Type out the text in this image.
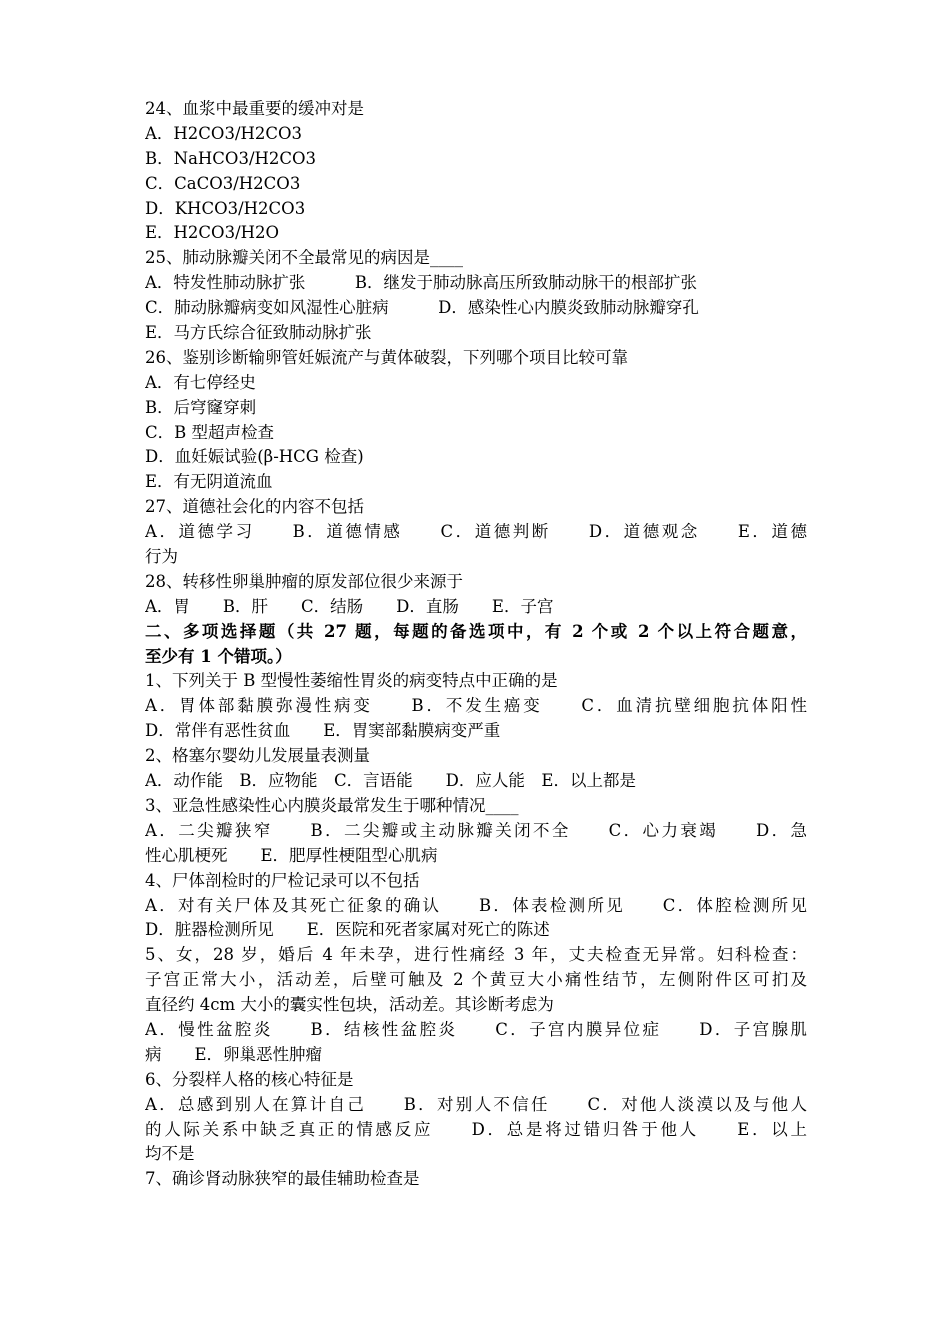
24、血浆中最重要的缓冲对是
A．H2CO3/H2CO3
B．NaHCO3/H2CO3
C．CaCO3/H2CO3
D．KHCO3/H2CO3
E．H2CO3/H2O
25、肺动脉瓣关闭不全最常见的病因是____
A．特发性肺动脉扩张　　　B．继发于肺动脉高压所致肺动脉干的根部扩张
C．肺动脉瓣病变如风湿性心脏病　　　D．感染性心内膜炎致肺动脉瓣穿孔
E．马方氏综合征致肺动脉扩张
26、鉴别诊断输卵管妊娠流产与黄体破裂，下列哪个项目比较可靠
A．有七停经史
B．后穹窿穿刺
C．B 型超声检查
D．血妊娠试验(β-HCG 检查)
E．有无阴道流血
27、道德社会化的内容不包括
A．道德学习　　B．道德情感　　C．道德判断　　D．道德观念　　E．道德
行为
28、转移性卵巢肿瘤的原发部位很少来源于
A．胃　　B．肝　　C．结肠　　D．直肠　　E．子宫
二、多项选择题（共 27 题，每题的备选项中，有 2 个或 2 个以上符合题意，
至少有 1 个错项。）
1、下列关于 B 型慢性萎缩性胃炎的病变特点中正确的是
A．胃体部黏膜弥漫性病变　　B．不发生癌变　　C．血清抗壁细胞抗体阳性
D．常伴有恶性贫血　　E．胃窦部黏膜病变严重
2、格塞尔婴幼儿发展量表测量
A．动作能　B．应物能　C．言语能　　D．应人能　E．以上都是
3、亚急性感染性心内膜炎最常发生于哪种情况____
A．二尖瓣狭窄　　B．二尖瓣或主动脉瓣关闭不全　　C．心力衰竭　　D．急
性心肌梗死　　E．肥厚性梗阻型心肌病
4、尸体剖检时的尸检记录可以不包括
A．对有关尸体及其死亡征象的确认　　B．体表检测所见　　C．体腔检测所见
D．脏器检测所见　　E．医院和死者家属对死亡的陈述
5、女，28 岁，婚后 4 年未孕，进行性痛经 3 年，丈夫检查无异常。妇科检查：
子宫正常大小，活动差，后壁可触及 2 个黄豆大小痛性结节，左侧附件区可扪及
直径约 4cm 大小的囊实性包块，活动差。其诊断考虑为
A．慢性盆腔炎　　B．结核性盆腔炎　　C．子宫内膜异位症　　D．子宫腺肌
病　　E．卵巢恶性肿瘤
6、分裂样人格的核心特征是
A．总感到别人在算计自己　　B．对别人不信任　　C．对他人淡漠以及与他人
的人际关系中缺乏真正的情感反应　　D．总是将过错归咎于他人　　E．以上
均不是
7、确诊肾动脉狭窄的最佳辅助检查是
